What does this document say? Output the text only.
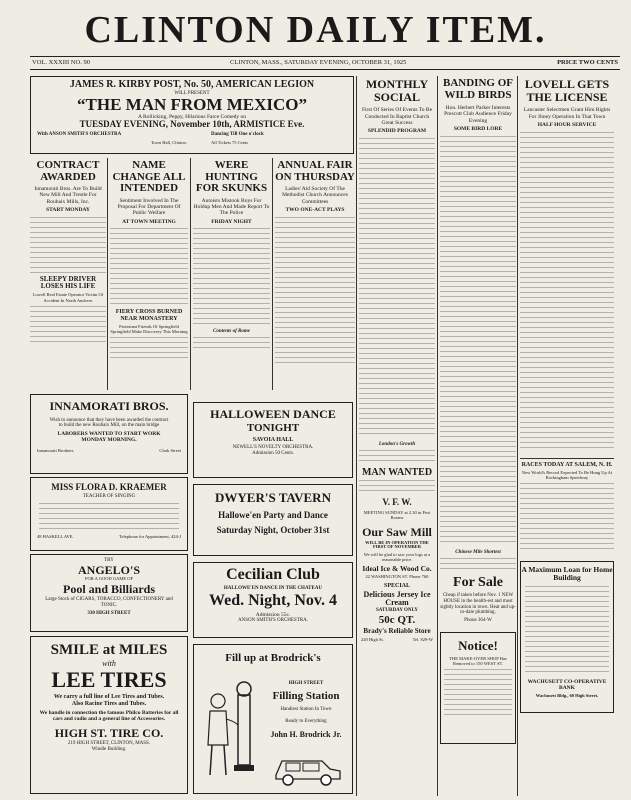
CLINTON DAILY ITEM.
VOL. XXXIII NO. 90	CLINTON, MASS., SATURDAY EVENING, OCTOBER 31, 1925	PRICE TWO CENTS
JAMES R. KIRBY POST, No. 50, AMERICAN LEGION
WILL PRESENT
“THE MAN FROM MEXICO”
A Rollicking, Peppy, Hilarious Farce Comedy on
TUESDAY EVENING, November 10th, ARMISTICE Eve.
With ANSON SMITH'S ORCHESTRA	Dancing Till One o'clock
Town Hall, Clinton.	All Tickets 75 Cents
CONTRACT AWARDED
Innamorati Bros. Are To Build New Mill And Trestle For Roubaix Mills, Inc.
START MONDAY
SLEEPY DRIVER LOSES HIS LIFE
Lowell Real Estate Operator Victim Of Accident In North Andover
NAME CHANGE ALL INTENDED
Sentiment Involved In The Proposal For Department Of Public Welfare
AT TOWN MEETING
FIERY CROSS BURNED NEAR MONASTERY
Protestant Friends Of Springfield Springfield Make Discovery This Morning
WERE HUNTING FOR SKUNKS
Autoists Mistook Boys For Holdup Men And Made Report To The Police
FRIDAY NIGHT
Contents of Rome
ANNUAL FAIR ON THURSDAY
Ladies' Aid Society Of The Methodist Church Announces Committees
TWO ONE-ACT PLAYS
MONTHLY SOCIAL
First Of Series Of Events To Be Conducted In Baptist Church Great Success
SPLENDID PROGRAM
London's Growth
MAN WANTED
V. F. W.
MEETING SUNDAY at 2.30 in Post Rooms
Our Saw Mill
WILL BE IN OPERATION THE FIRST OF NOVEMBER
We will be glad to saw your logs at a reasonable price.
Ideal Ice & Wood Co.
22 WASHINGTON ST. Phone 760
SPECIAL
Delicious Jersey Ice Cream
SATURDAY ONLY
50c QT.
Brady's Reliable Store
220 High St.	Tel. 829-W
BANDING OF WILD BIRDS
Hon. Herbert Parker Interests Prescott Club Audience Friday Evening
SOME BIRD LORE
Chinese Mile Shortest
For Sale
Cheap if taken before Nov. 1 NEW HOUSE in the health-est and most sightly location in town. Heat and up-to-date plumbing.
Phone 364-W
Notice!
THE MAKE-OVER SHOP Has Removed to 150 WEST ST.
LOVELL GETS THE LICENSE
Lancaster Selectmen Grant Him Rights For Jitney Operation In That Town
HALF HOUR SERVICE
RACES TODAY AT SALEM, N. H.
New World's Record Expected To Be Hung Up At Rockingham Speedway
A Maximum Loan for Home Building
WACHUSETT CO-OPERATIVE BANK
Wachusett Bldg., 60 High Street.
INNAMORATI BROS.
Wish to announce that they have been awarded the contract
to build the new Roubaix Mill, on the main bridge
LABORERS WANTED TO START WORK
MONDAY MORNING.
Innamorati Brothers.	Clark Street
MISS FLORA D. KRAEMER
TEACHER OF SINGING
48 HASKELL AVE.	Telephone for Appointment, 424-J
TRY
ANGELO'S
FOR A GOOD GAME OF
Pool and Billiards
Large Stock of CIGARS, TOBACCO, CONFECTIONERY and TONIC.
330 HIGH STREET
SMILE at MILES
with
LEE TIRES
We carry a full line of Lee Tires and Tubes.
Also Racine Tires and Tubes.
We handle in connection the famous Philco Batteries for all cars and radio and a general line of Accessories.
HIGH ST. TIRE CO.
219 HIGH STREET, CLINTON, MASS.
Windle Building.
HALLOWEEN DANCE
TONIGHT
SAVOIA HALL
NEWELL'S NOVELTY ORCHESTRA.
Admission 50 Cents.
DWYER'S TAVERN
Hallowe'en Party and Dance
Saturday Night, October 31st
Cecilian Club
HALLOWE'EN DANCE IN THE CHATEAU
Wed. Night, Nov. 4
Admission 55c.
ANSON SMITH'S ORCHESTRA.
Fill up at Brodrick's
HIGH STREET
Filling Station
Handiest Station In Town
Ready to Everything
John H. Brodrick Jr.
